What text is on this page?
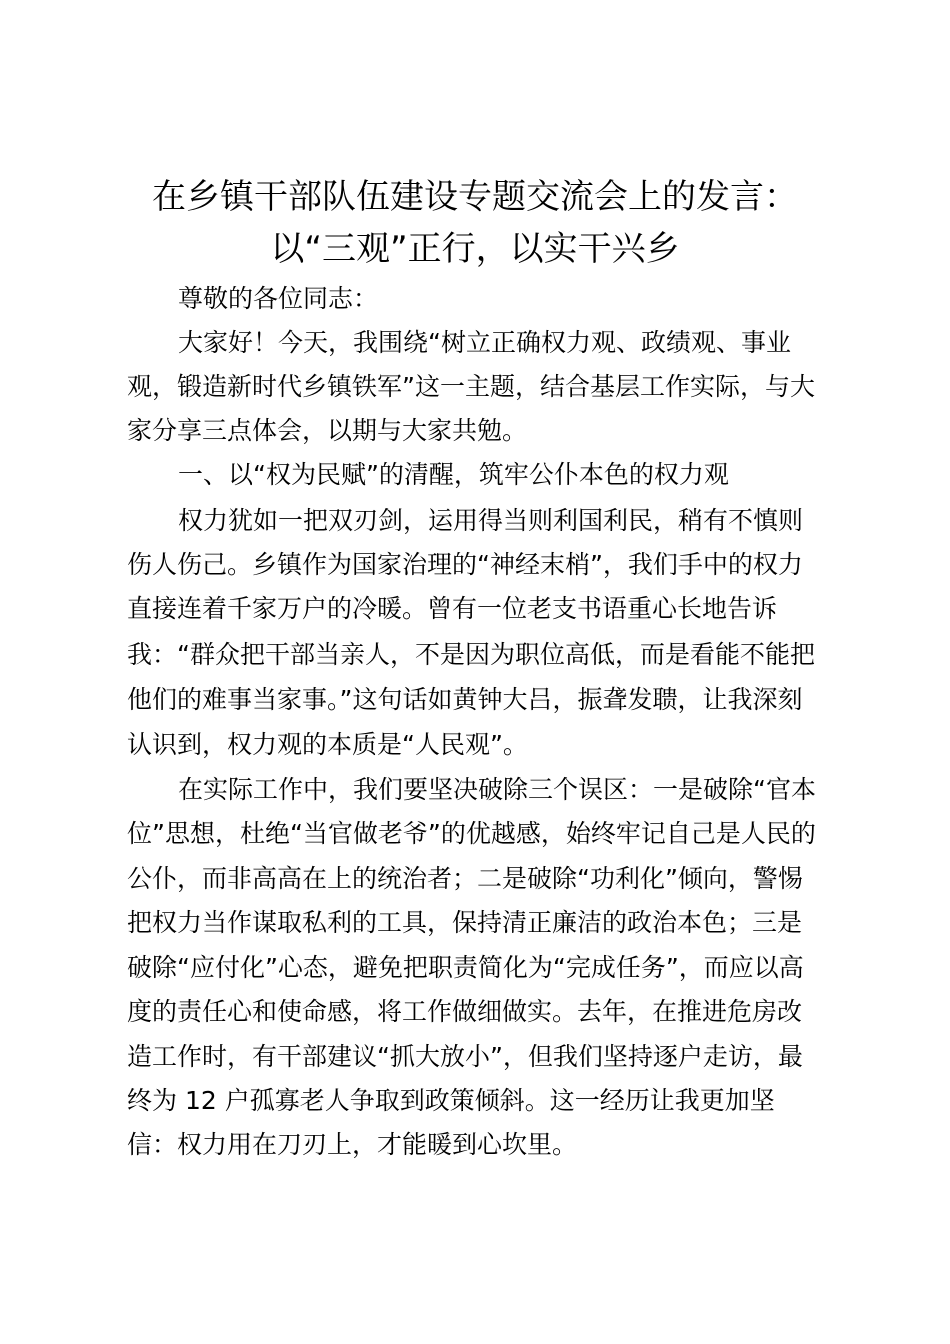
在乡镇干部队伍建设专题交流会上的发言：
以“三观”正行，以实干兴乡
尊敬的各位同志：
大家好！今天，我围绕“树立正确权力观、政绩观、事业
观，锻造新时代乡镇铁军”这一主题，结合基层工作实际，与大
家分享三点体会，以期与大家共勉。
一、以“权为民赋”的清醒，筑牢公仆本色的权力观
权力犹如一把双刃剑，运用得当则利国利民，稍有不慎则
伤人伤己。乡镇作为国家治理的“神经末梢”，我们手中的权力
直接连着千家万户的冷暖。曾有一位老支书语重心长地告诉
我：“群众把干部当亲人，不是因为职位高低，而是看能不能把
他们的难事当家事。”这句话如黄钟大吕，振聋发聩，让我深刻
认识到，权力观的本质是“人民观”。
在实际工作中，我们要坚决破除三个误区：一是破除“官本
位”思想，杜绝“当官做老爷”的优越感，始终牢记自己是人民的
公仆，而非高高在上的统治者；二是破除“功利化”倾向，警惕
把权力当作谋取私利的工具，保持清正廉洁的政治本色；三是
破除“应付化”心态，避免把职责简化为“完成任务”，而应以高
度的责任心和使命感，将工作做细做实。去年，在推进危房改
造工作时，有干部建议“抓大放小”，但我们坚持逐户走访，最
终为 12 户孤寡老人争取到政策倾斜。这一经历让我更加坚
信：权力用在刀刃上，才能暖到心坎里。
